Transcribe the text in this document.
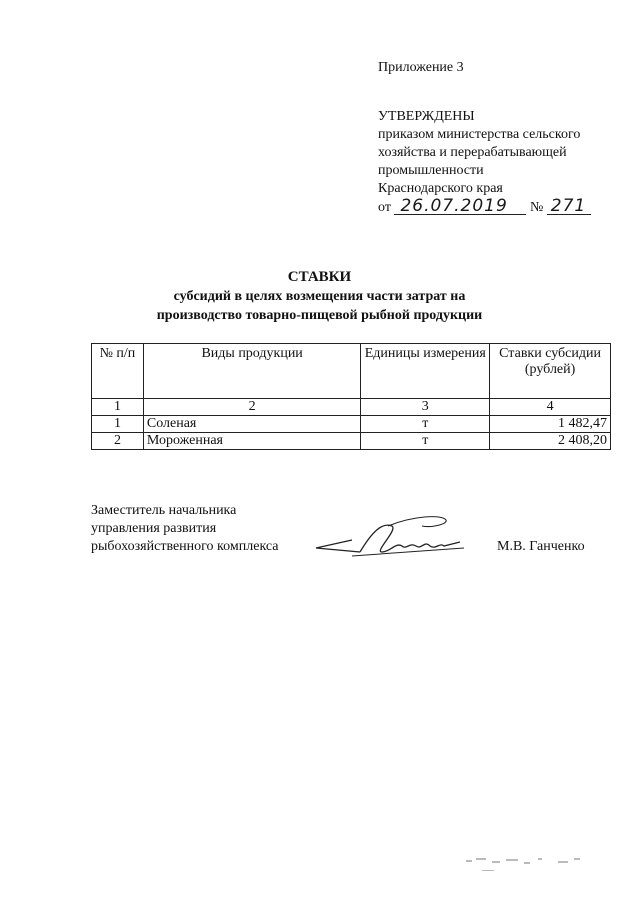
Приложение 3
УТВЕРЖДЕНЫ
приказом министерства сельского
хозяйства и перерабатывающей
промышленности
Краснодарского края
от 26.07.2019 № 271
СТАВКИ
субсидий в целях возмещения части затрат на
производство товарно-пищевой рыбной продукции
№ п/п	Виды продукции	Единицы измерения	Ставки субсидии (рублей)
1	2	3	4
1	Соленая	т	1 482,47
2	Мороженная	т	2 408,20
Заместитель начальника
управления развития
рыбохозяйственного комплекса	М.В. Ганченко
